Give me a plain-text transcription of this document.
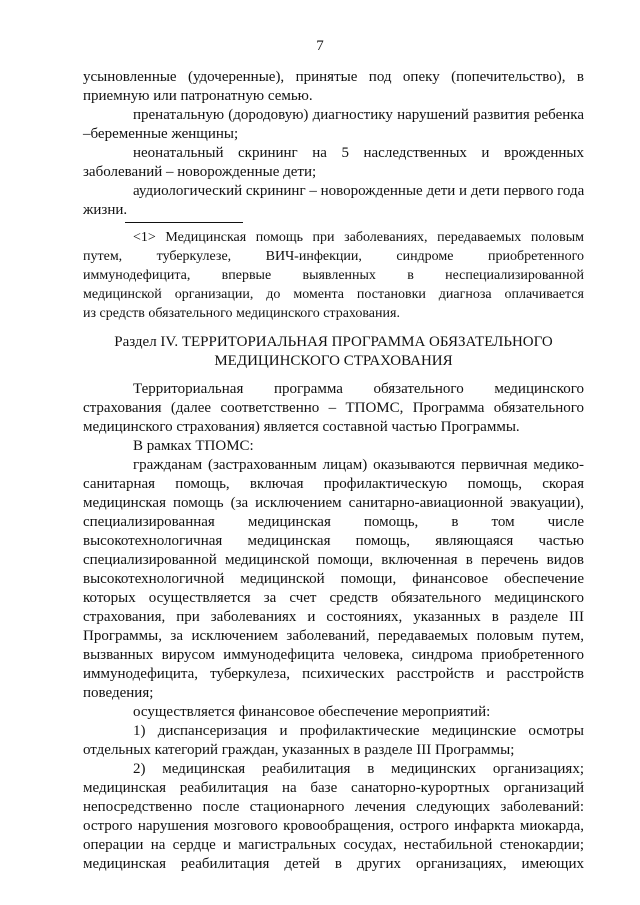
7
усыновленные (удочеренные), принятые под опеку (попечительство), в
приемную или патронатную семью.
пренатальную (дородовую) диагностику нарушений развития ребенка
–беременные женщины;
неонатальный скрининг на 5 наследственных и врожденных
заболеваний – новорожденные дети;
аудиологический скрининг – новорожденные дети и дети первого года
жизни.
<1> Медицинская помощь при заболеваниях, передаваемых половым
путем, туберкулезе, ВИЧ-инфекции, синдроме приобретенного
иммунодефицита, впервые выявленных в неспециализированной
медицинской организации, до момента постановки диагноза оплачивается
из средств обязательного медицинского страхования.
Раздел IV. ТЕРРИТОРИАЛЬНАЯ ПРОГРАММА ОБЯЗАТЕЛЬНОГО
МЕДИЦИНСКОГО СТРАХОВАНИЯ
Территориальная программа обязательного медицинского
страхования (далее соответственно – ТПОМС, Программа обязательного
медицинского страхования) является составной частью Программы.
В рамках ТПОМС:
гражданам (застрахованным лицам) оказываются первичная медико-
санитарная помощь, включая профилактическую помощь, скорая
медицинская помощь (за исключением санитарно-авиационной эвакуации),
специализированная медицинская помощь, в том числе
высокотехнологичная медицинская помощь, являющаяся частью
специализированной медицинской помощи, включенная в перечень видов
высокотехнологичной медицинской помощи, финансовое обеспечение
которых осуществляется за счет средств обязательного медицинского
страхования, при заболеваниях и состояниях, указанных в разделе III
Программы, за исключением заболеваний, передаваемых половым путем,
вызванных вирусом иммунодефицита человека, синдрома приобретенного
иммунодефицита, туберкулеза, психических расстройств и расстройств
поведения;
осуществляется финансовое обеспечение мероприятий:
1) диспансеризация и профилактические медицинские осмотры
отдельных категорий граждан, указанных в разделе III Программы;
2) медицинская реабилитация в медицинских организациях;
медицинская реабилитация на базе санаторно-курортных организаций
непосредственно после стационарного лечения следующих заболеваний:
острого нарушения мозгового кровообращения, острого инфаркта миокарда,
операции на сердце и магистральных сосудах, нестабильной стенокардии;
медицинская реабилитация детей в других организациях, имеющих
